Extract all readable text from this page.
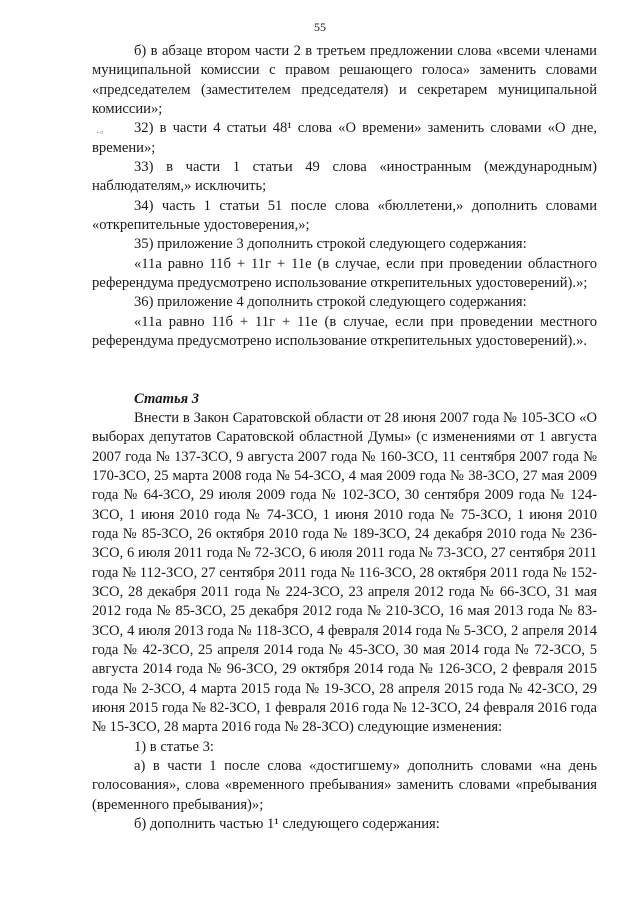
55
·◦

б) в абзаце втором части 2 в третьем предложении слова «всеми членами муниципальной комиссии с правом решающего голоса» заменить словами «председателем (заместителем председателя) и секретарем муниципальной комиссии»;

32) в части 4 статьи 48¹ слова «О времени» заменить словами «О дне, времени»;

33) в части 1 статьи 49 слова «иностранным (международным) наблюдателям,» исключить;

34) часть 1 статьи 51 после слова «бюллетени,» дополнить словами «открепительные удостоверения,»;

35) приложение 3 дополнить строкой следующего содержания:

«11а равно 11б + 11г + 11е (в случае, если при проведении областного референдума предусмотрено использование открепительных удостоверений).»;

36) приложение 4 дополнить строкой следующего содержания:

«11а равно 11б + 11г + 11е (в случае, если при проведении местного референдума предусмотрено использование открепительных удостоверений).».

Статья 3

Внести в Закон Саратовской области от 28 июня 2007 года № 105-ЗСО «О выборах депутатов Саратовской областной Думы» (с изменениями от 1 августа 2007 года № 137-ЗСО, 9 августа 2007 года № 160-ЗСО, 11 сентября 2007 года № 170-ЗСО, 25 марта 2008 года № 54-ЗСО, 4 мая 2009 года № 38-ЗСО, 27 мая 2009 года № 64-ЗСО, 29 июля 2009 года № 102-ЗСО, 30 сентября 2009 года № 124-ЗСО, 1 июня 2010 года № 74-ЗСО, 1 июня 2010 года № 75-ЗСО, 1 июня 2010 года № 85-ЗСО, 26 октября 2010 года № 189-ЗСО, 24 декабря 2010 года № 236-ЗСО, 6 июля 2011 года № 72-ЗСО, 6 июля 2011 года № 73-ЗСО, 27 сентября 2011 года № 112-ЗСО, 27 сентября 2011 года № 116-ЗСО, 28 октября 2011 года № 152-ЗСО, 28 декабря 2011 года № 224-ЗСО, 23 апреля 2012 года № 66-ЗСО, 31 мая 2012 года № 85-ЗСО, 25 декабря 2012 года № 210-ЗСО, 16 мая 2013 года № 83-ЗСО, 4 июля 2013 года № 118-ЗСО, 4 февраля 2014 года № 5-ЗСО, 2 апреля 2014 года № 42-ЗСО, 25 апреля 2014 года № 45-ЗСО, 30 мая 2014 года № 72-ЗСО, 5 августа 2014 года № 96-ЗСО, 29 октября 2014 года № 126-ЗСО, 2 февраля 2015 года № 2-ЗСО, 4 марта 2015 года № 19-ЗСО, 28 апреля 2015 года № 42-ЗСО, 29 июня 2015 года № 82-ЗСО, 1 февраля 2016 года № 12-ЗСО, 24 февраля 2016 года № 15-ЗСО, 28 марта 2016 года № 28-ЗСО) следующие изменения:

1) в статье 3:

а) в части 1 после слова «достигшему» дополнить словами «на день голосования», слова «временного пребывания» заменить словами «пребывания (временного пребывания)»;

б) дополнить частью 1¹ следующего содержания:
